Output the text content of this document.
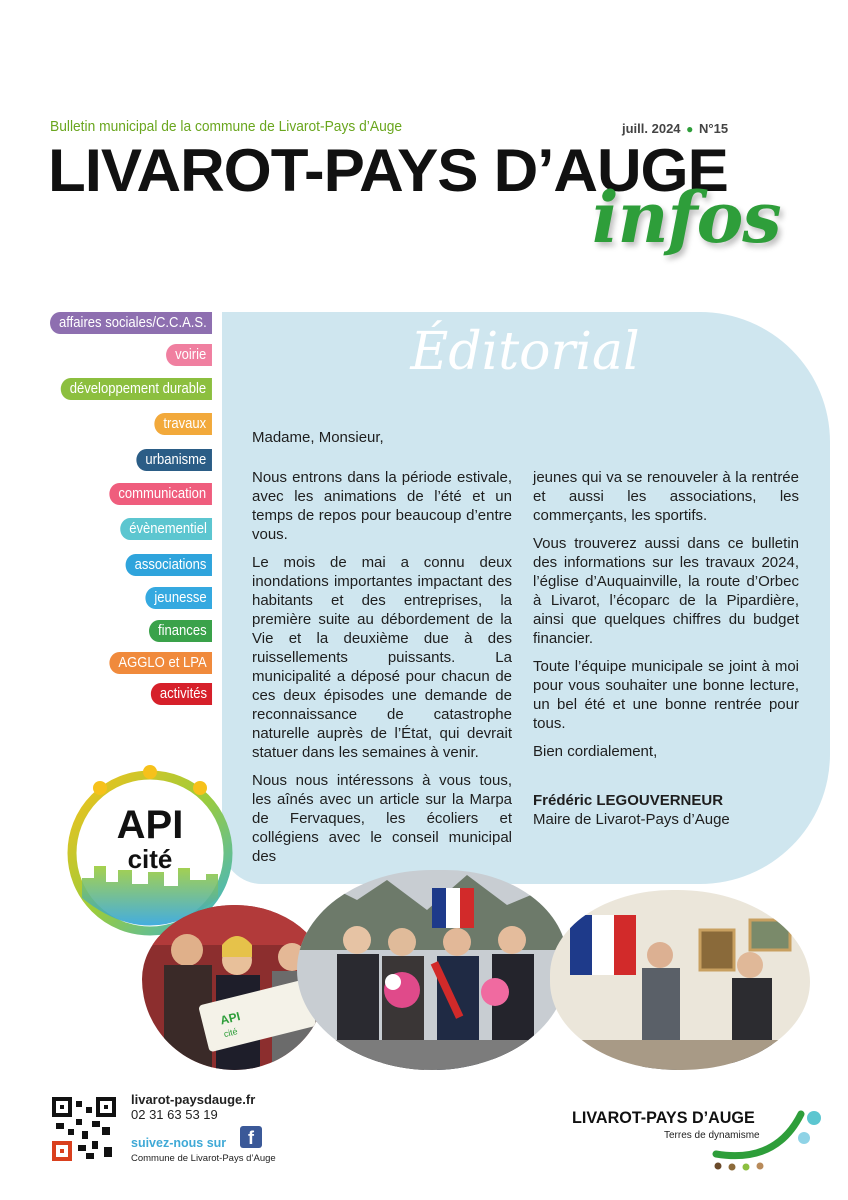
Bulletin municipal de la commune de Livarot-Pays d’Auge	juill. 2024 ● N°15
LIVAROT-PAYS D’AUGE
infos
affaires sociales/C.C.A.S.
voirie
développement durable
travaux
urbanisme
communication
évènementiel
associations
jeunesse
finances
AGGLO et LPA
activités
Éditorial
Madame, Monsieur,

Nous entrons dans la période estivale, avec les animations de l’été et un temps de repos pour beaucoup d’entre vous.

Le mois de mai a connu deux inondations importantes impactant des habitants et des entreprises, la première suite au débordement de la Vie et la deuxième due à des ruissellements puissants. La municipalité a déposé pour chacun de ces deux épisodes une demande de reconnaissance de catastrophe naturelle auprès de l’État, qui devrait statuer dans les semaines à venir.

Nous nous intéressons à vous tous, les aînés avec un article sur la Marpa de Fervaques, les écoliers et collégiens avec le conseil municipal des

jeunes qui va se renouveler à la rentrée et aussi les associations, les commerçants, les sportifs.

Vous trouverez aussi dans ce bulletin des informations sur les travaux 2024, l’église d’Auquainville, la route d’Orbec à Livarot, l’écoparc de la Pipardière, ainsi que quelques chiffres du budget financier.

Toute l’équipe municipale se joint à moi pour vous souhaiter une bonne lecture, un bel été et une bonne rentrée pour tous.

Bien cordialement,

Frédéric LEGOUVERNEUR
Maire de Livarot-Pays d’Auge
API
cité
API
cité
livarot-paysdauge.fr
02 31 63 53 19
suivez-nous sur	f
Commune de Livarot-Pays d’Auge
LIVAROT-PAYS D’AUGE
Terres de dynamisme
